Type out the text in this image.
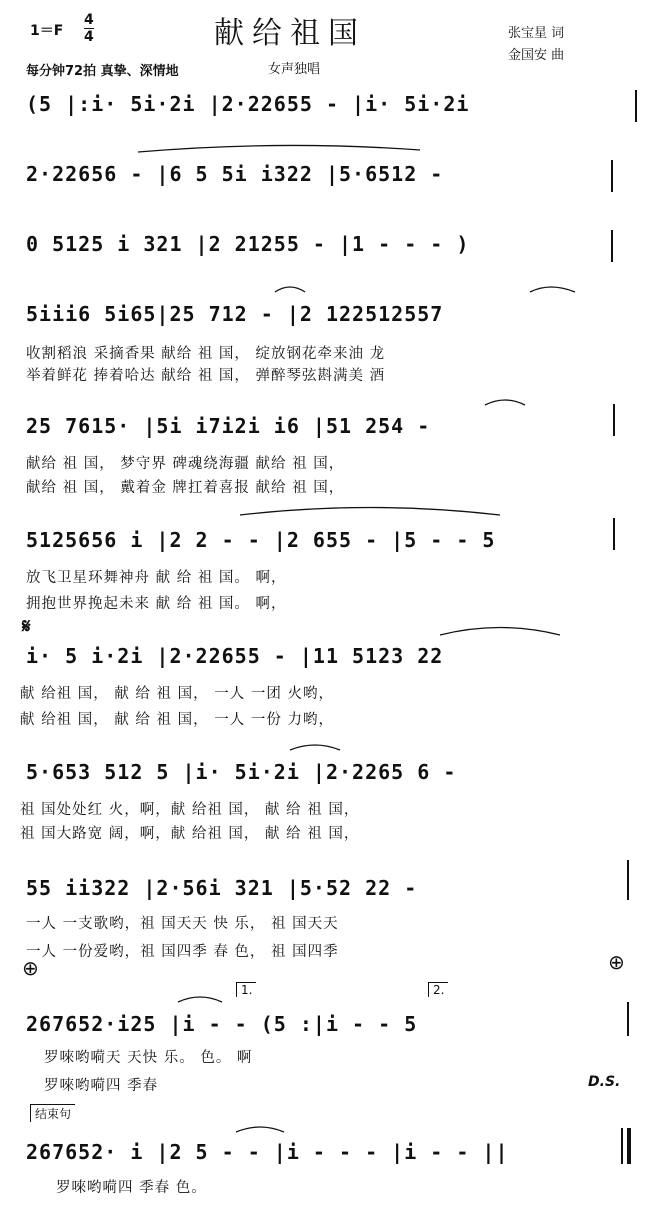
1＝F
4
4	献给祖国	张宝星 词
金国安 曲
每分钟72拍 真挚、深情地	女声独唱
(5 |:i· 5i·2i |2·22655 - |i· 5i·2i
2·22656 - |6 5 5i i322 |5·6512 -
0 5125 i 321 |2 21255 - |1 - - - )
5iii6 5i65|25 712 - |2 122512557
收割稻浪 采摘香果 献给 祖 国， 绽放钢花牵来油 龙
举着鲜花 捧着哈达 献给 祖 国， 弹醉琴弦斟满美 酒
25 7615· |5i i7i2i i6 |51 254 -
献给 祖 国， 梦守界 碑魂绕海疆 献给 祖 国，
献给 祖 国， 戴着金 牌扛着喜报 献给 祖 国，
5125656 i |2 2 - - |2 655 - |5 - - 5
放飞卫星环舞神舟 献 给 祖 国。 啊，
拥抱世界挽起未来 献 给 祖 国。 啊，
𝄋
i· 5 i·2i |2·22655 - |11 5123 22
献 给祖 国， 献 给 祖 国， 一人 一团 火哟，
献 给祖 国， 献 给 祖 国， 一人 一份 力哟，
5·653 512 5 |i· 5i·2i |2·2265 6 -
祖 国处处红 火，啊，献 给祖 国， 献 给 祖 国，
祖 国大路宽 阔，啊，献 给祖 国， 献 给 祖 国，
55 ii322 |2·56i 321 |5·52 22 -
一人 一支歌哟，祖 国天天 快 乐， 祖 国天天
一人 一份爱哟，祖 国四季 春 色， 祖 国四季
⊕	⊕
1.	2.
267652·i25 |i - - (5 :|i - - 5
罗唻哟嗬天 天快 乐。 色。 啊
罗唻哟嗬四 季春	D.S.
结束句
267652· i |2 5 - - |i - - - |i - - ||
罗唻哟嗬四 季春 色。
